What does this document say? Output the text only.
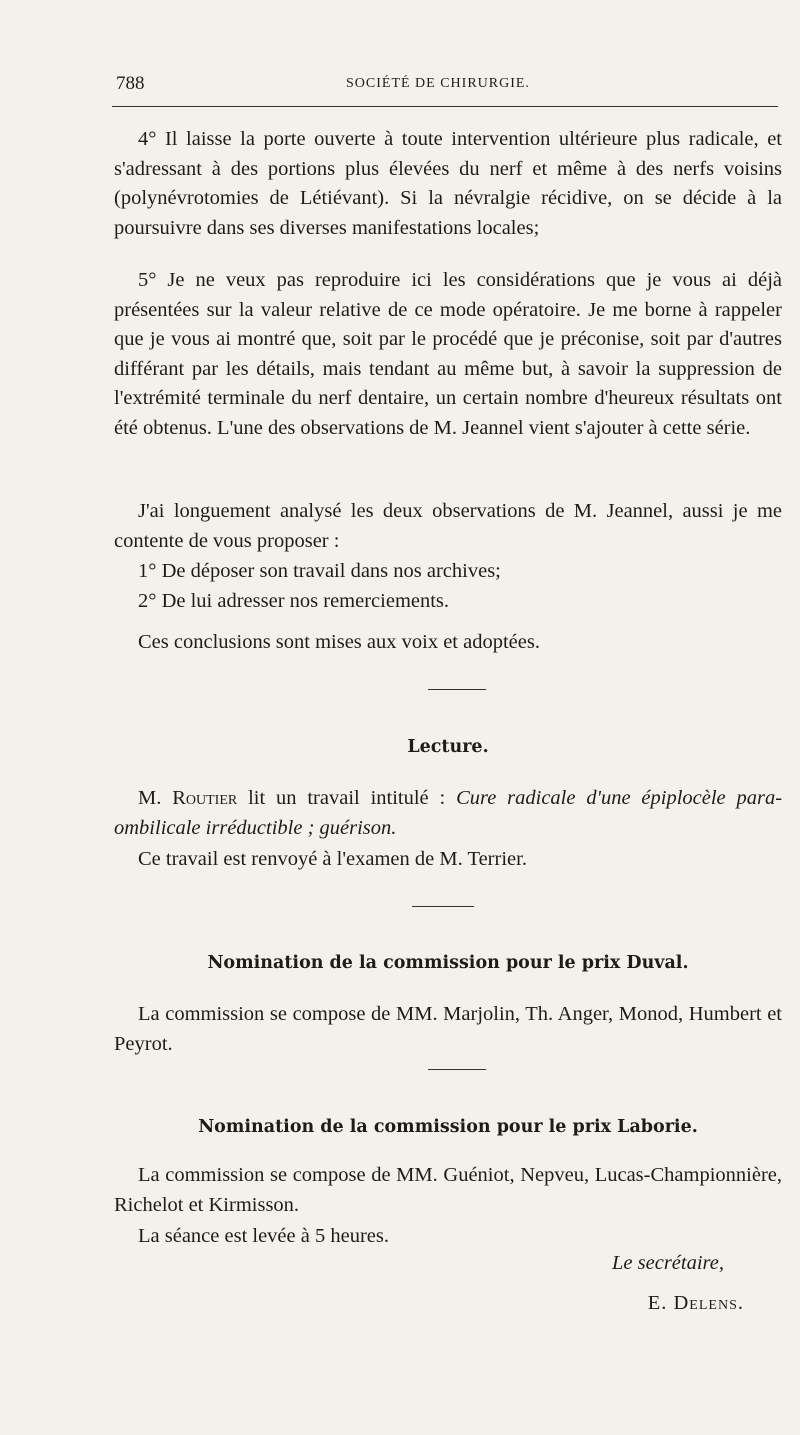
788	SOCIÉTÉ DE CHIRURGIE.

4° Il laisse la porte ouverte à toute intervention ultérieure plus radicale, et s'adressant à des portions plus élevées du nerf et même à des nerfs voisins (polynévrotomies de Létiévant). Si la névralgie récidive, on se décide à la poursuivre dans ses diverses manifestations locales;

5° Je ne veux pas reproduire ici les considérations que je vous ai déjà présentées sur la valeur relative de ce mode opératoire. Je me borne à rappeler que je vous ai montré que, soit par le procédé que je préconise, soit par d'autres différant par les détails, mais tendant au même but, à savoir la suppression de l'extrémité terminale du nerf dentaire, un certain nombre d'heureux résultats ont été obtenus. L'une des observations de M. Jeannel vient s'ajouter à cette série.

J'ai longuement analysé les deux observations de M. Jeannel, aussi je me contente de vous proposer :

1° De déposer son travail dans nos archives;

2° De lui adresser nos remerciements.

Ces conclusions sont mises aux voix et adoptées.

Lecture.

M. Routier lit un travail intitulé : Cure radicale d'une épiplocèle para-ombilicale irréductible ; guérison.

Ce travail est renvoyé à l'examen de M. Terrier.

Nomination de la commission pour le prix Duval.

La commission se compose de MM. Marjolin, Th. Anger, Monod, Humbert et Peyrot.

Nomination de la commission pour le prix Laborie.

La commission se compose de MM. Guéniot, Nepveu, Lucas-Championnière, Richelot et Kirmisson.

La séance est levée à 5 heures.

Le secrétaire,
E. Delens.
